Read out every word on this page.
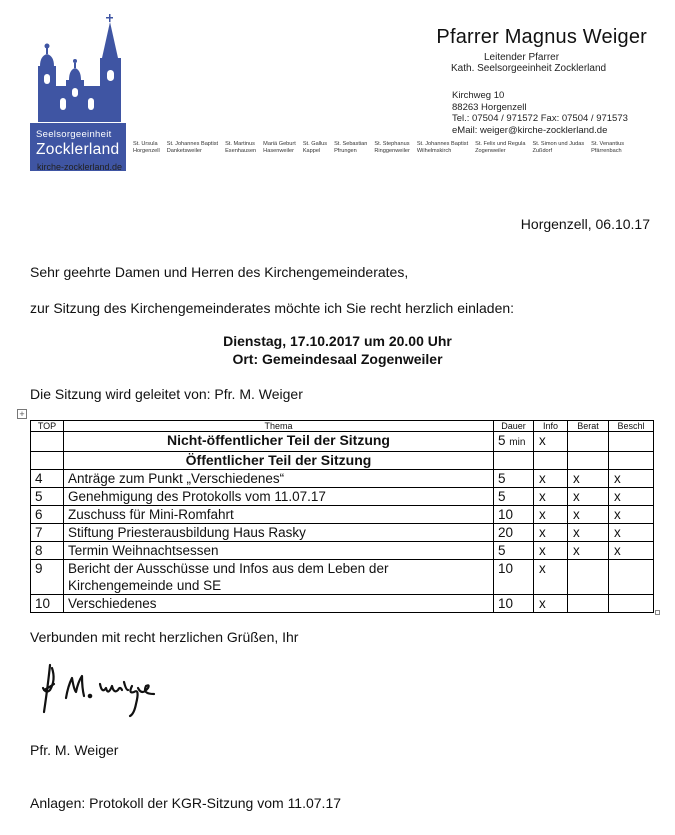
Seelsorgeeinheit
Zocklerland
kirche-zocklerland.de
St. Ursula
Horgenzell
St. Johannes Baptist
Danketsweiler
St. Martinus
Esenhausen
Mariä Geburt
Hasenweiler
St. Gallus
Kappel
St. Sebastian
Pfrungen
St. Stephanus
Ringgenweiler
St. Johannes Baptist
Wilhelmskirch
St. Felix und Regula
Zogenweiler
St. Simon und Judas
Zußdorf
St. Venantius
Pfärrenbach
Pfarrer Magnus Weiger
Leitender Pfarrer
Kath. Seelsorgeeinheit Zocklerland
Kirchweg 10
88263 Horgenzell
Tel.: 07504 / 971572 Fax: 07504 / 971573
eMail: weiger@kirche-zocklerland.de
Horgenzell, 06.10.17
Sehr geehrte Damen und Herren des Kirchengemeinderates,
zur Sitzung des Kirchengemeinderates möchte ich Sie recht herzlich einladen:
Dienstag, 17.10.2017 um 20.00 Uhr
Ort: Gemeindesaal Zogenweiler
Die Sitzung wird geleitet von: Pfr. M. Weiger
+
TOP	Thema	Dauer	Info	Berat	Beschl
	Nicht-öffentlicher Teil der Sitzung	5 min	x		
	Öffentlicher Teil der Sitzung				
4	Anträge zum Punkt „Verschiedenes“	5	x	x	x
5	Genehmigung des Protokolls vom 11.07.17	5	x	x	x
6	Zuschuss für Mini-Romfahrt	10	x	x	x
7	Stiftung Priesterausbildung Haus Rasky	20	x	x	x
8	Termin Weihnachtsessen	5	x	x	x
9	Bericht der Ausschüsse und Infos aus dem Leben der Kirchengemeinde und SE	10	x		
10	Verschiedenes	10	x		
Verbunden mit recht herzlichen Grüßen, Ihr
Pfr. M. Weiger
Anlagen: Protokoll der KGR-Sitzung vom 11.07.17
